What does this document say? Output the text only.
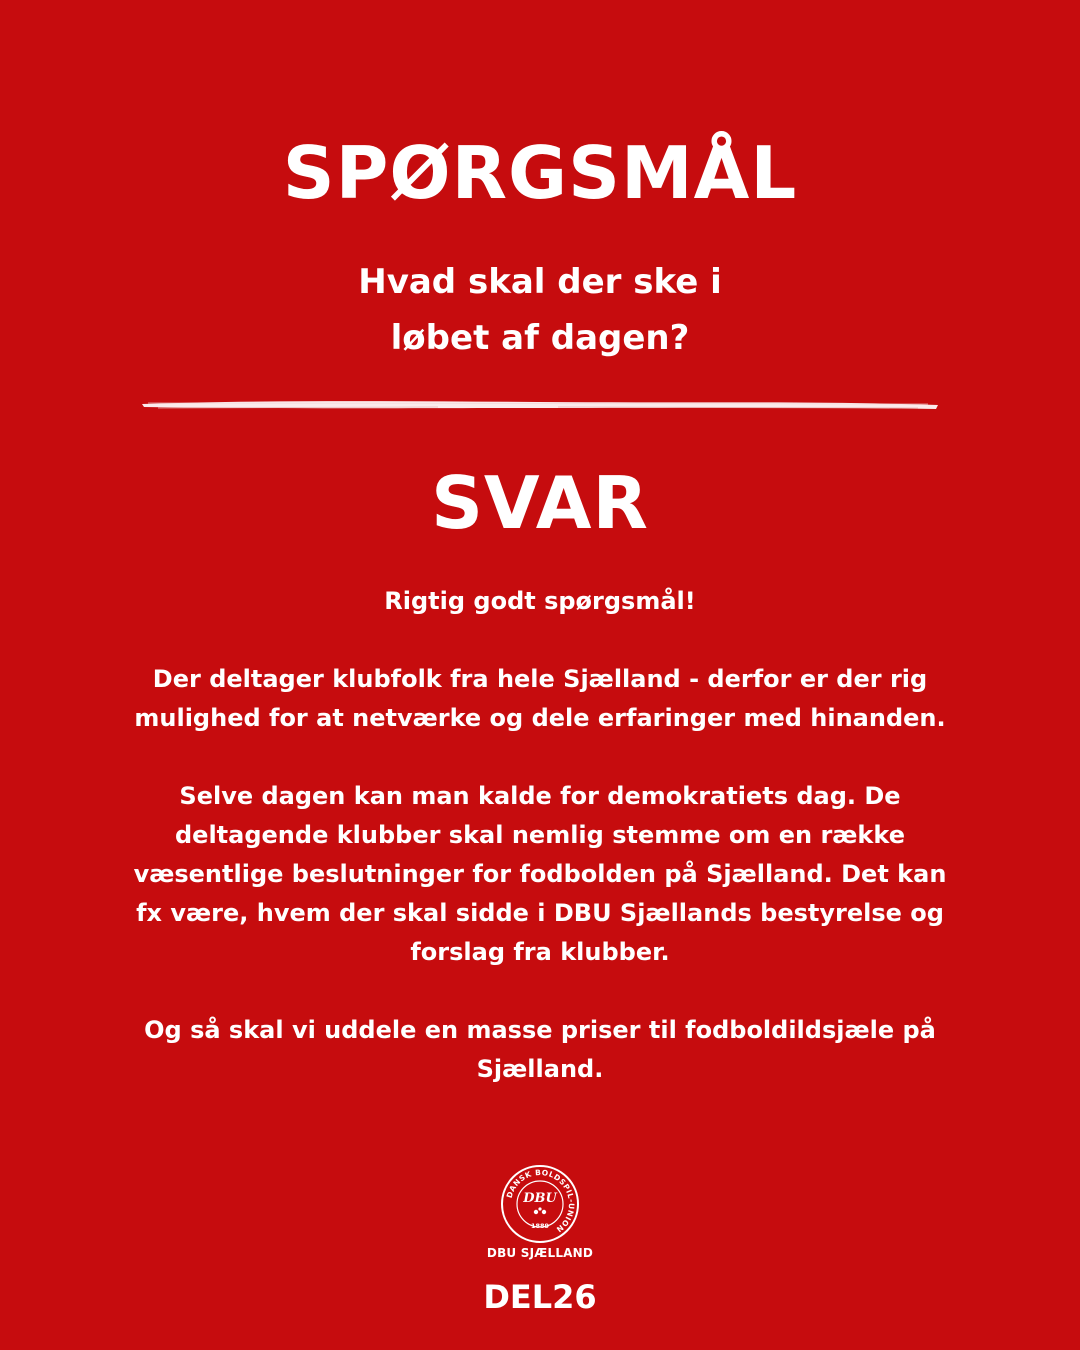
SPØRGSMÅL
Hvad skal der ske i
løbet af dagen?
SVAR

Rigtig godt spørgsmål!

Der deltager klubfolk fra hele Sjælland - derfor er der rig
mulighed for at netværke og dele erfaringer med hinanden.

Selve dagen kan man kalde for demokratiets dag. De
deltagende klubber skal nemlig stemme om en række
væsentlige beslutninger for fodbolden på Sjælland. Det kan
fx være, hvem der skal sidde i DBU Sjællands bestyrelse og
forslag fra klubber.

Og så skal vi uddele en masse priser til fodboldildsjæle på
Sjælland.

DANSK BOLDSPIL-UNION
DBU
1889
DBU SJÆLLAND
DEL26
